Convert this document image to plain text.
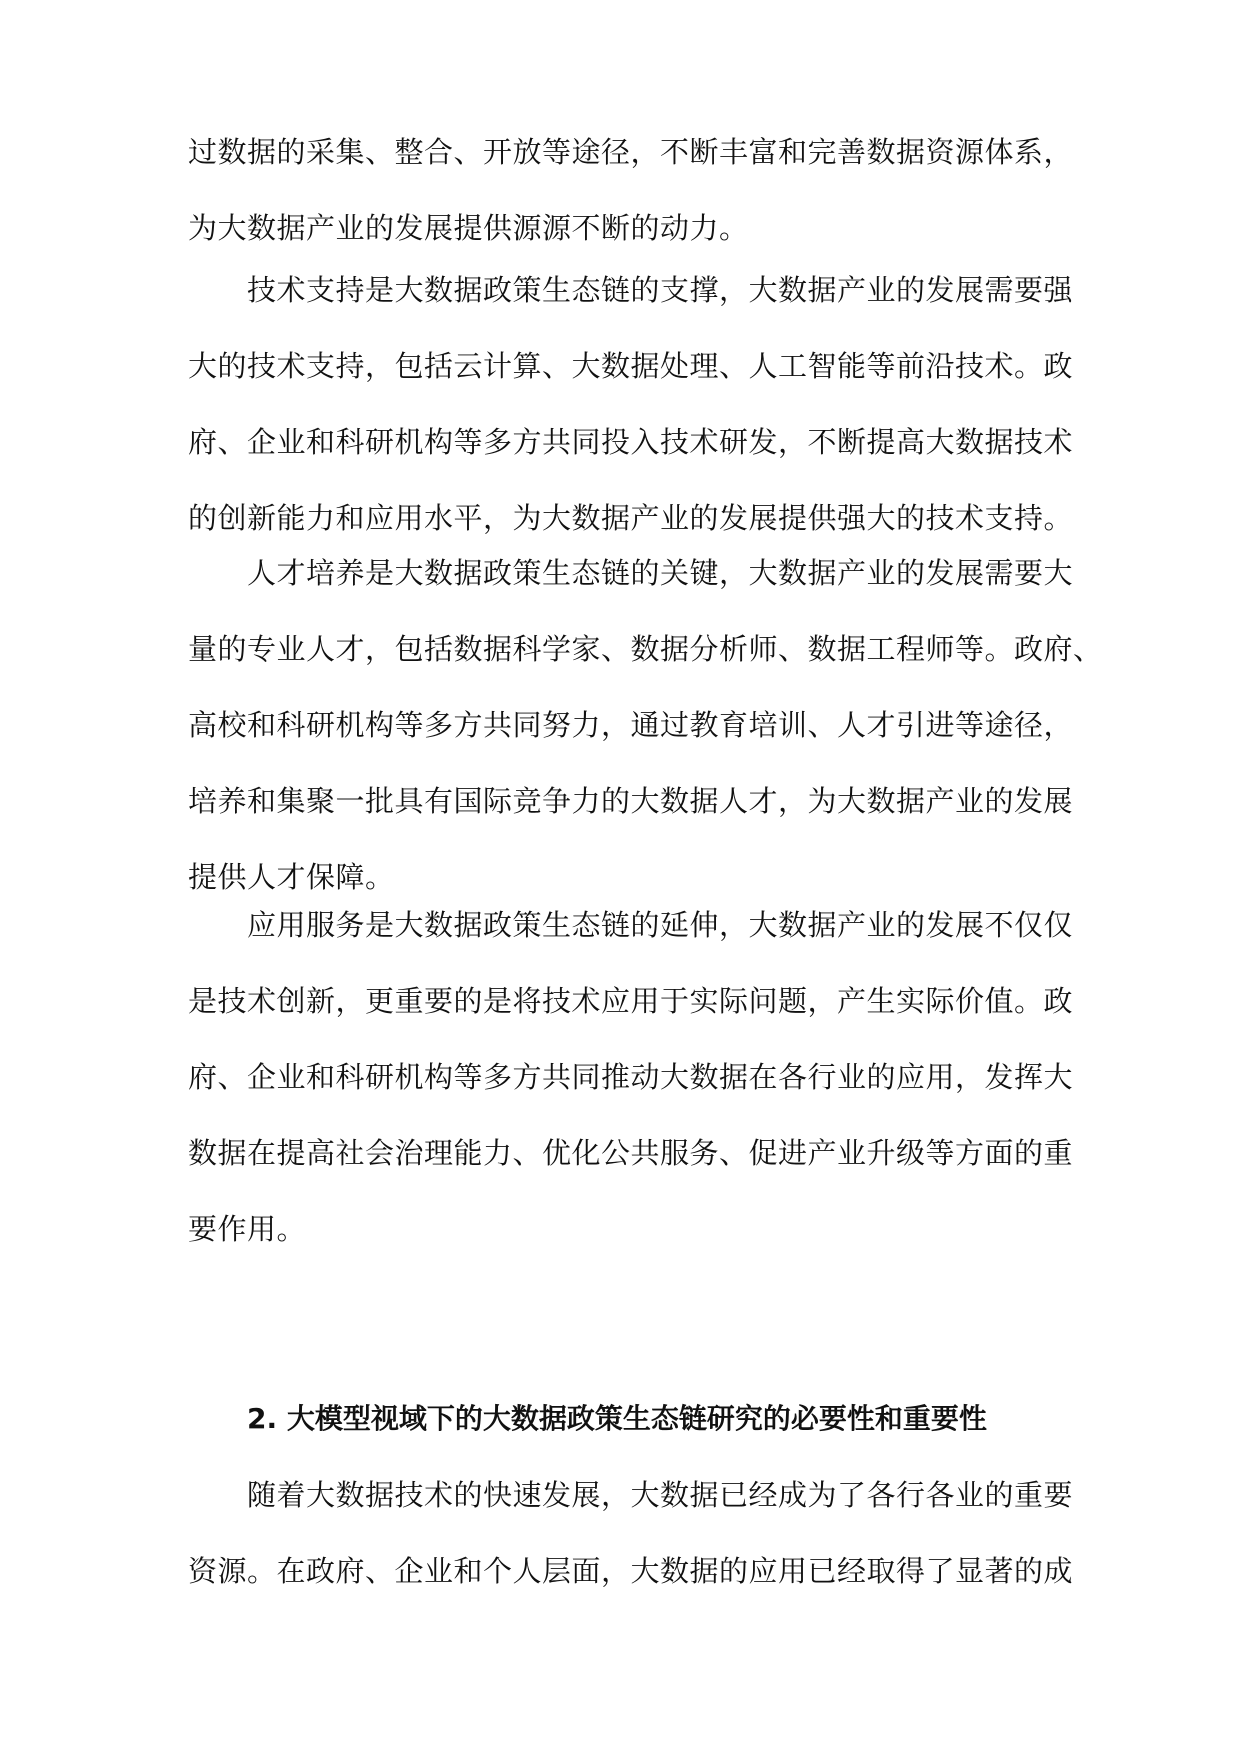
过数据的采集、整合、开放等途径，不断丰富和完善数据资源体系，
为大数据产业的发展提供源源不断的动力。
技术支持是大数据政策生态链的支撑，大数据产业的发展需要强
大的技术支持，包括云计算、大数据处理、人工智能等前沿技术。政
府、企业和科研机构等多方共同投入技术研发，不断提高大数据技术
的创新能力和应用水平，为大数据产业的发展提供强大的技术支持。
人才培养是大数据政策生态链的关键，大数据产业的发展需要大
量的专业人才，包括数据科学家、数据分析师、数据工程师等。政府、
高校和科研机构等多方共同努力，通过教育培训、人才引进等途径，
培养和集聚一批具有国际竞争力的大数据人才，为大数据产业的发展
提供人才保障。
应用服务是大数据政策生态链的延伸，大数据产业的发展不仅仅
是技术创新，更重要的是将技术应用于实际问题，产生实际价值。政
府、企业和科研机构等多方共同推动大数据在各行业的应用，发挥大
数据在提高社会治理能力、优化公共服务、促进产业升级等方面的重
要作用。
2. 大模型视域下的大数据政策生态链研究的必要性和重要性
随着大数据技术的快速发展，大数据已经成为了各行各业的重要
资源。在政府、企业和个人层面，大数据的应用已经取得了显著的成
